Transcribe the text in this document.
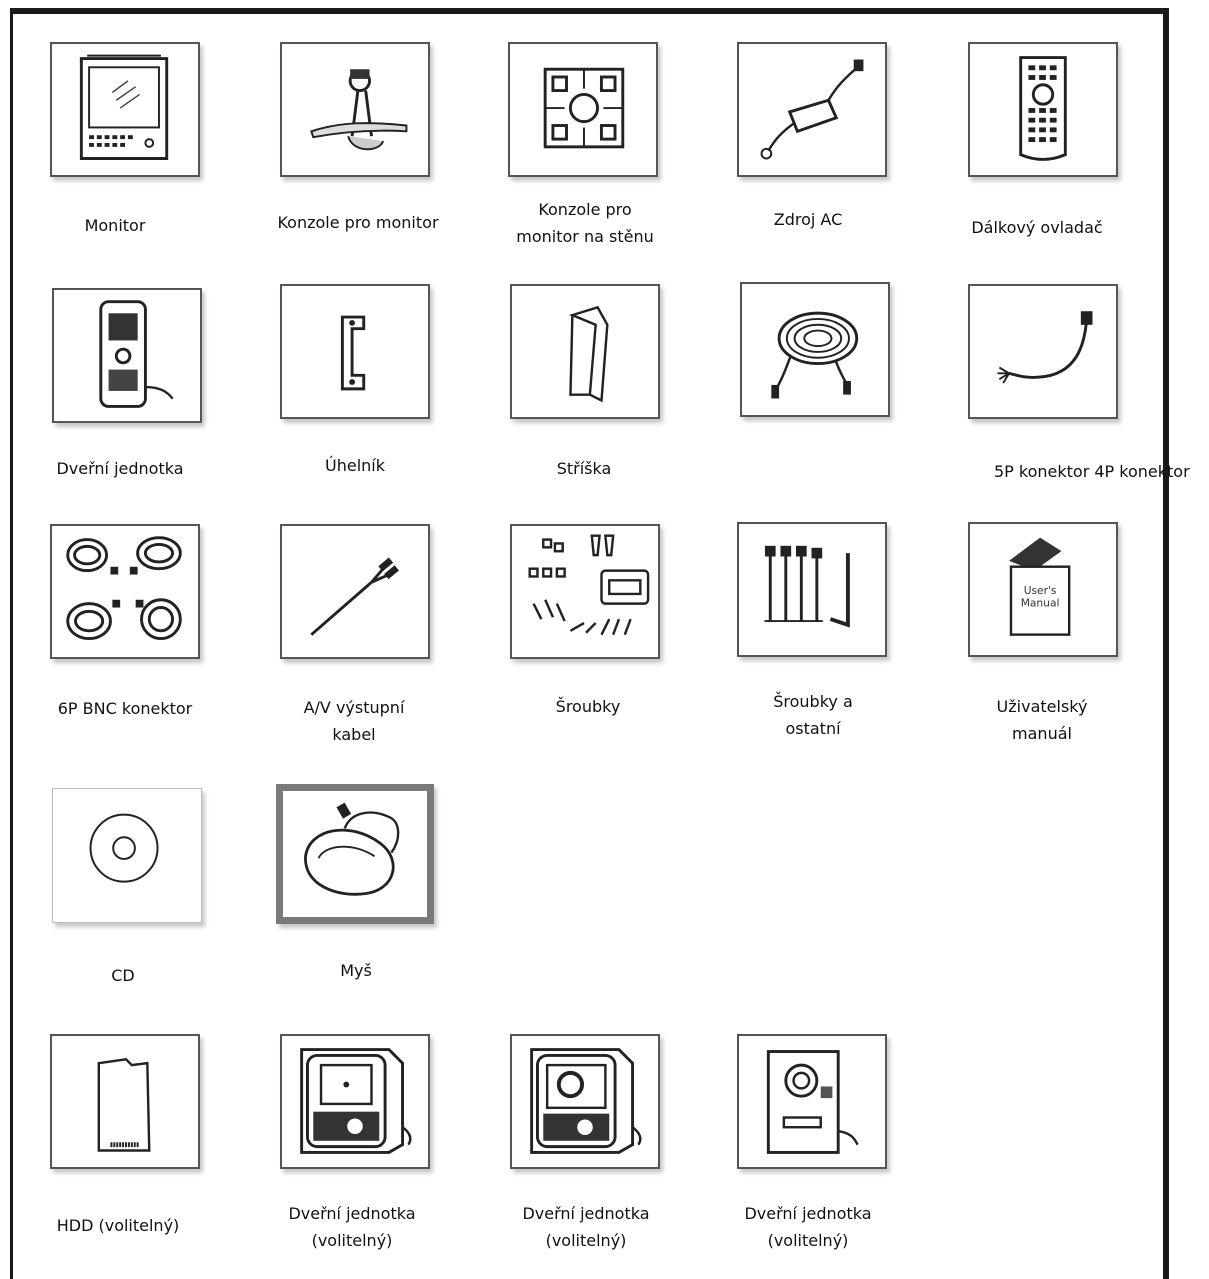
Monitor	Konzole pro monitor
Konzole pro
monitor na stěnu
Zdroj AC	Dálkový ovladač
Dveřní jednotka	Úhelník	Stříška	5P konektor 4P konektor
6P BNC konektor	A/V výstupní
kabel
Šroubky	Šroubky a
ostatní
User's
Manual
Uživatelský
manuál
CD	Myš
HDD (volitelný)
Dveřní jednotka
(volitelný)
Dveřní jednotka
(volitelný)
Dveřní jednotka
(volitelný)
